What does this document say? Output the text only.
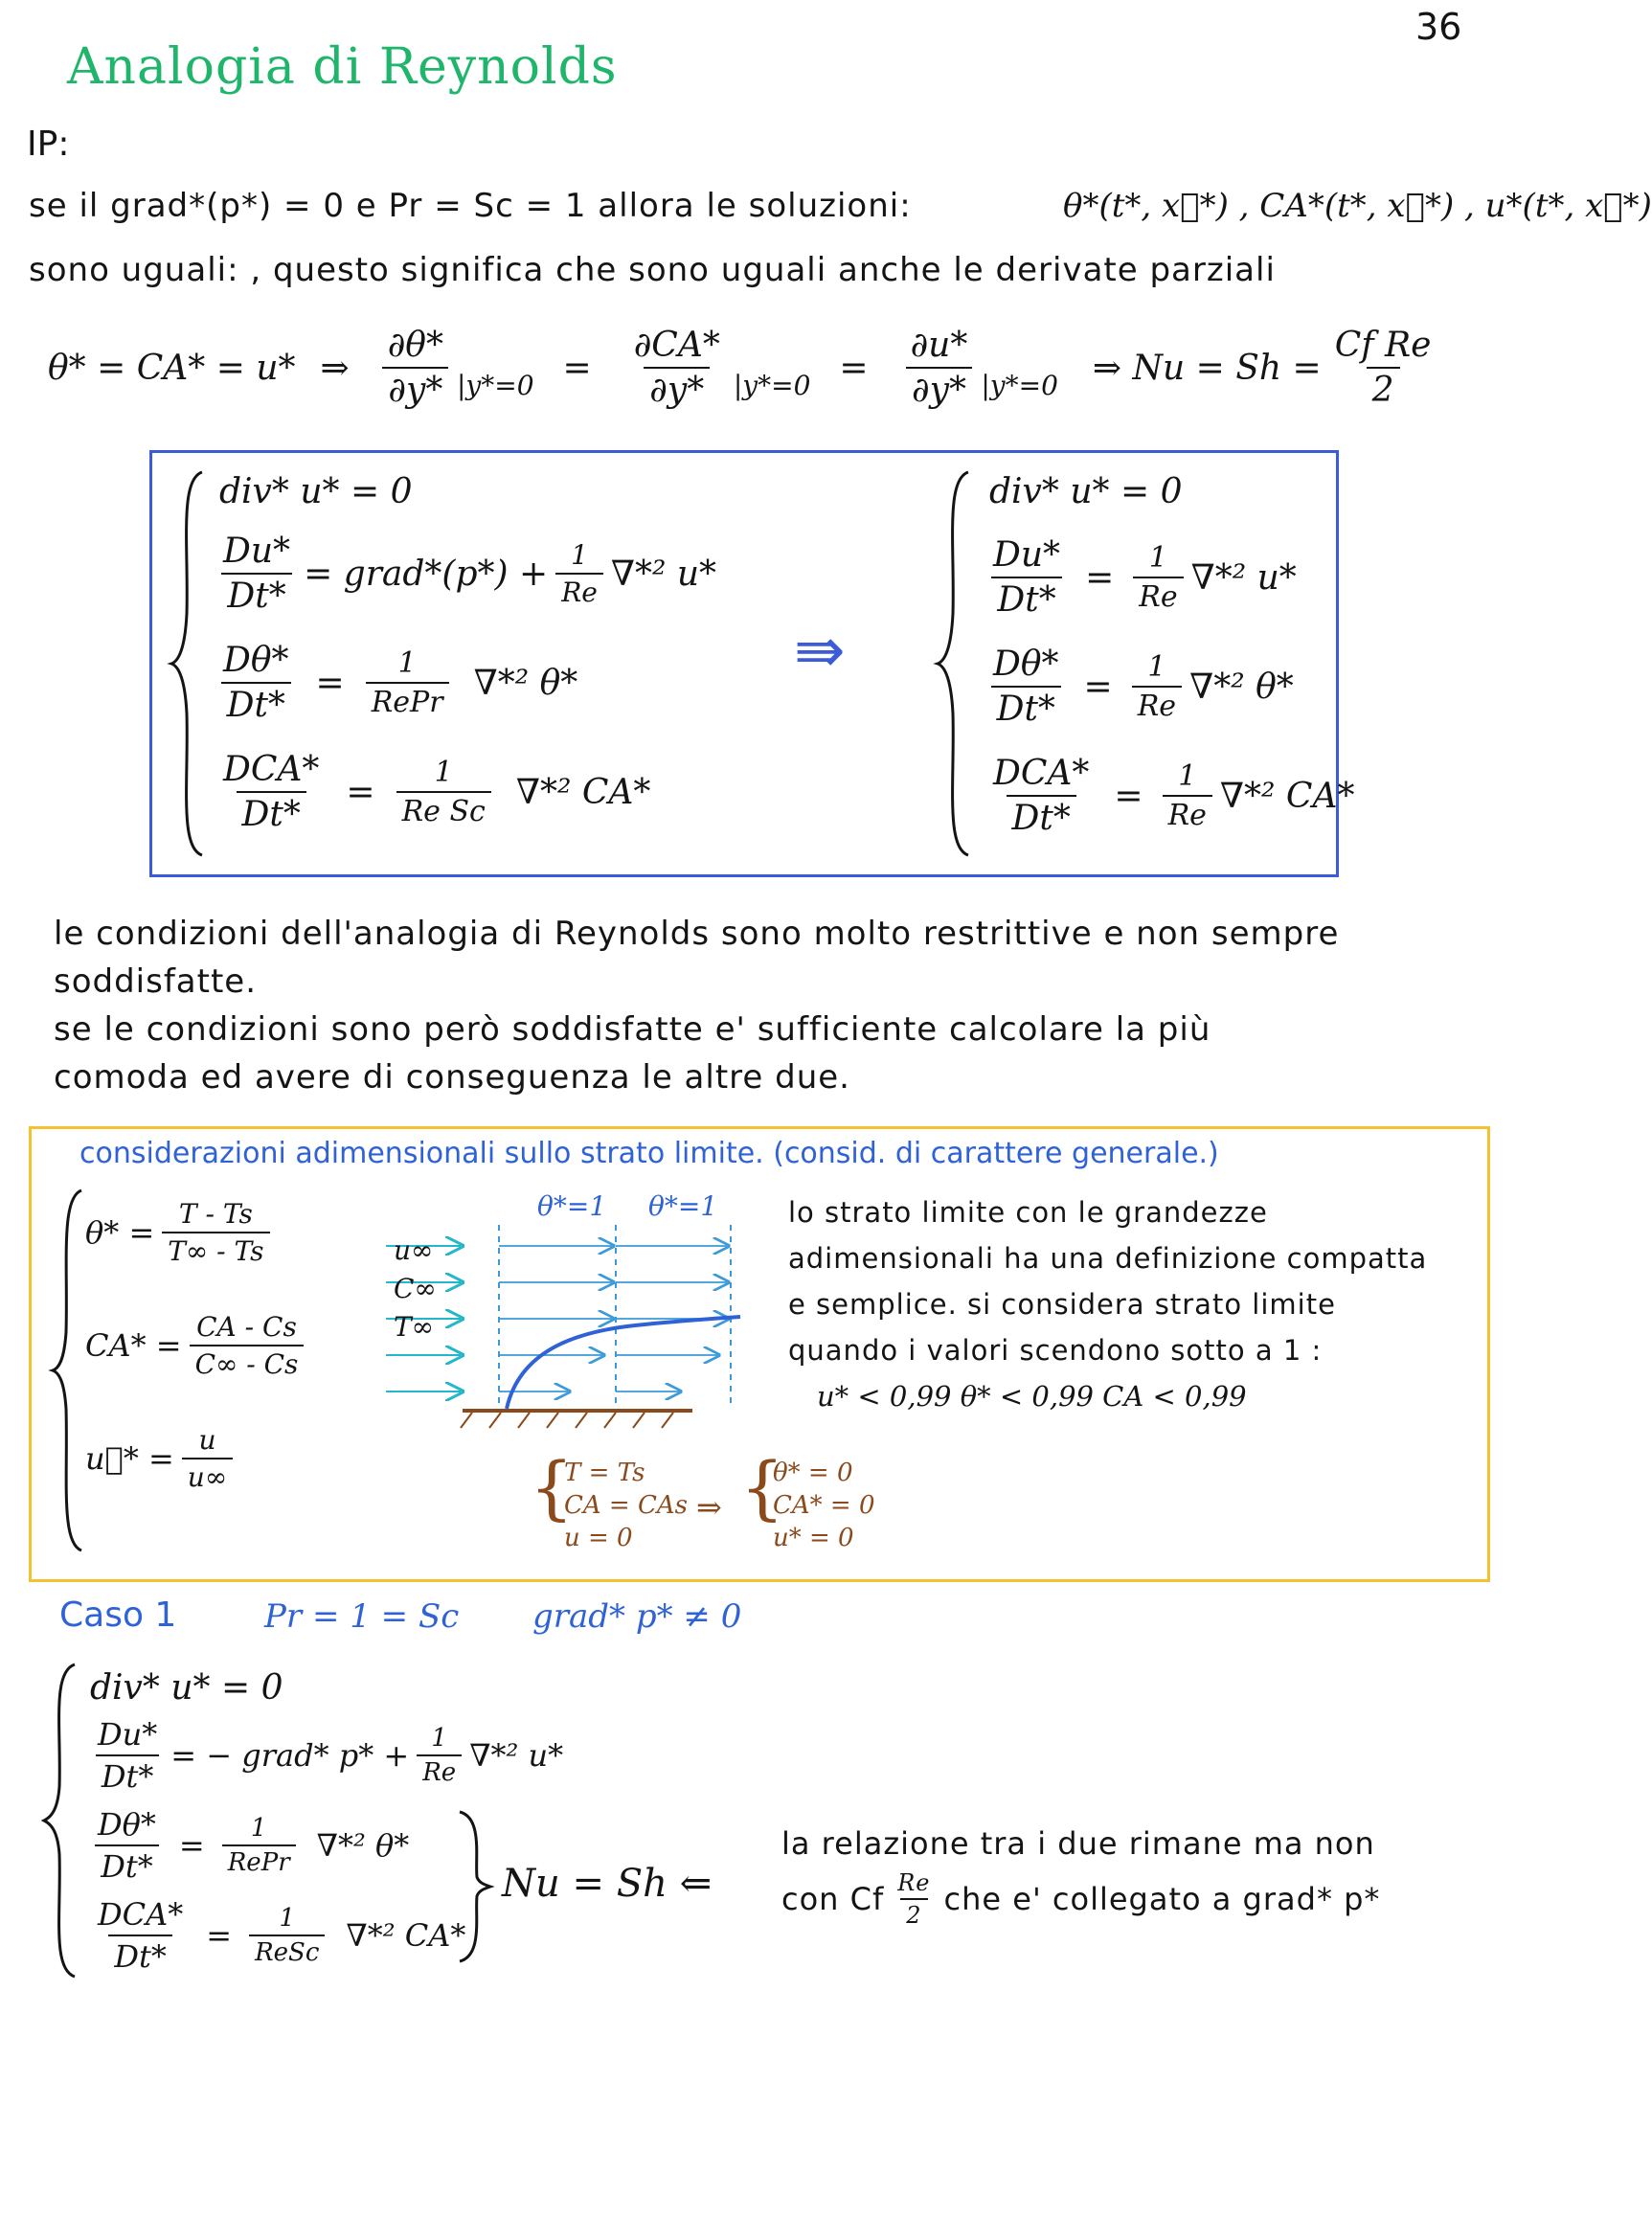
36
Analogia di Reynolds
IP:
se il grad*(p*) = 0 e Pr = Sc = 1 allora le soluzioni:	θ*(t*, x⃗*) , CA*(t*, x⃗*) , u*(t*, x⃗*)
sono uguali: , questo significa che sono uguali anche le derivate parziali
θ* = CA* = u* ⇒ $\frac{\partial\theta*}{\partial y*} |y*=0 = \frac{\partial CA*}{\partial y*} |y*=0 = \frac{\partial u*}{\partial y*} |y*=0$ ⇒ $Nu = Sh = \frac{\text{Cf Re}}{2}$
div* u* = 0
$\frac{Du*}{Dt*}$ = grad*(p*) + $\frac{1}{Re} \nabla*^2$ u*
$\frac{D\theta*}{Dt*} = \frac{1}{\text{RePr}} \nabla*^2$ θ*
$\frac{\text{DCA*}}{Dt*} = \frac{1}{\text{Re Sc}} \nabla*^2$ CA*
⇛
div* u* = 0
$\frac{Du*}{Dt*} = \frac{1}{Re} \nabla*^2$ u*
$\frac{D\theta*}{Dt*} = \frac{1}{Re} \nabla*^2$ θ*
$\frac{\text{DCA*}}{Dt*} = \frac{1}{Re} \nabla*^2$ CA*
le condizioni dell'analogia di Reynolds sono molto restrittive e non sempre
soddisfatte.
se le condizioni sono però soddisfatte e' sufficiente calcolare la più
comoda ed avere di conseguenza le altre due.
considerazioni adimensionali sullo strato limite. (consid. di carattere generale.)
$\theta* = \frac{T - Ts}{T\infty - Ts}$
$CA* = \frac{CA - Cs}{C\infty - Cs}$
u⃗* = $\frac{u}{u\infty}$
u∞
C∞
T∞
θ*=1 θ*=1
{
T = Ts
CA = CAs
u = 0
⇒ {
θ* = 0
CA* = 0
u* = 0
lo strato limite con le grandezze
adimensionali ha una definizione compatta
e semplice. si considera strato limite
quando i valori scendono sotto a 1 :
u* < 0,99 θ* < 0,99 CA < 0,99
Caso 1	Pr = 1 = Sc grad* p* ≠ 0
div* u* = 0
$\frac{Du*}{Dt*}$ = − grad* $p* + \frac{1}{Re} \nabla*^2$ u*
$\frac{D\theta*}{Dt*} = \frac{1}{\text{RePr}} \nabla*^2$ θ*
$\frac{\text{DCA*}}{Dt*} = \frac{1}{\text{ReSc}} \nabla*^2$ CA*
Nu = Sh ⇐
la relazione tra i due rimane ma non
con Cf $\frac{Re}{2}$ che e' collegato a grad* p*
